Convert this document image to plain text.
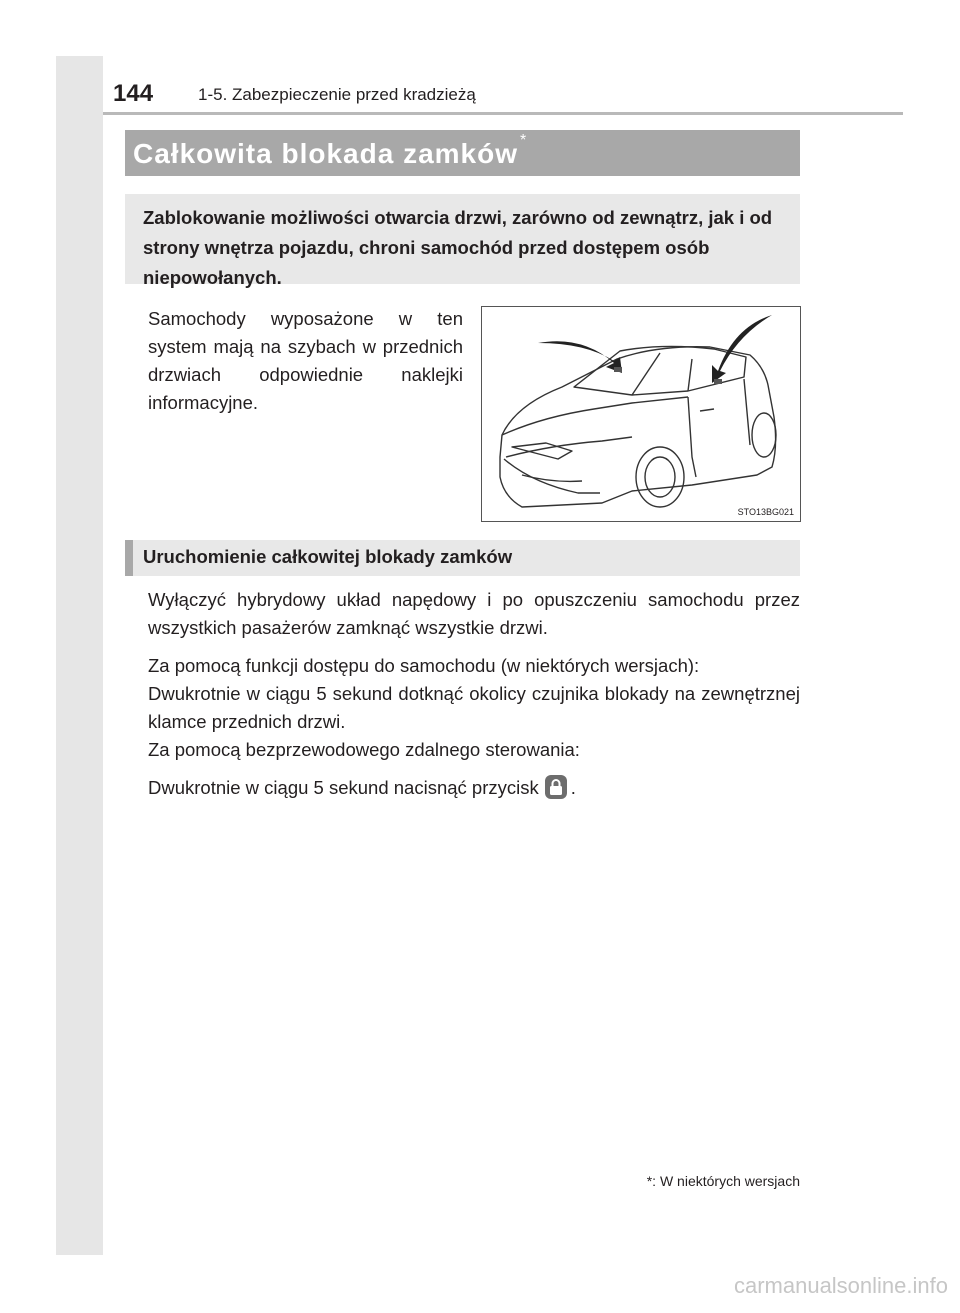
144	1-5. Zabezpieczenie przed kradzieżą
Całkowita blokada zamków *
Zablokowanie możliwości otwarcia drzwi, zarówno od zewnątrz, jak i od strony wnętrza pojazdu, chroni samochód przed dostępem osób niepowołanych.
Samochody wyposażone w ten system mają na szybach w przednich drzwiach odpowiednie naklejki informacyjne.
STO13BG021
Uruchomienie całkowitej blokady zamków

Wyłączyć hybrydowy układ napędowy i po opuszczeniu samochodu przez wszystkich pasażerów zamknąć wszystkie drzwi.

Za pomocą funkcji dostępu do samochodu (w niektórych wersjach):

Dwukrotnie w ciągu 5 sekund dotknąć okolicy czujnika blokady na zewnętrznej klamce przednich drzwi.

Za pomocą bezprzewodowego zdalnego sterowania:

Dwukrotnie w ciągu 5 sekund nacisnąć przycisk .

*: W niektórych wersjach
carmanualsonline.info
